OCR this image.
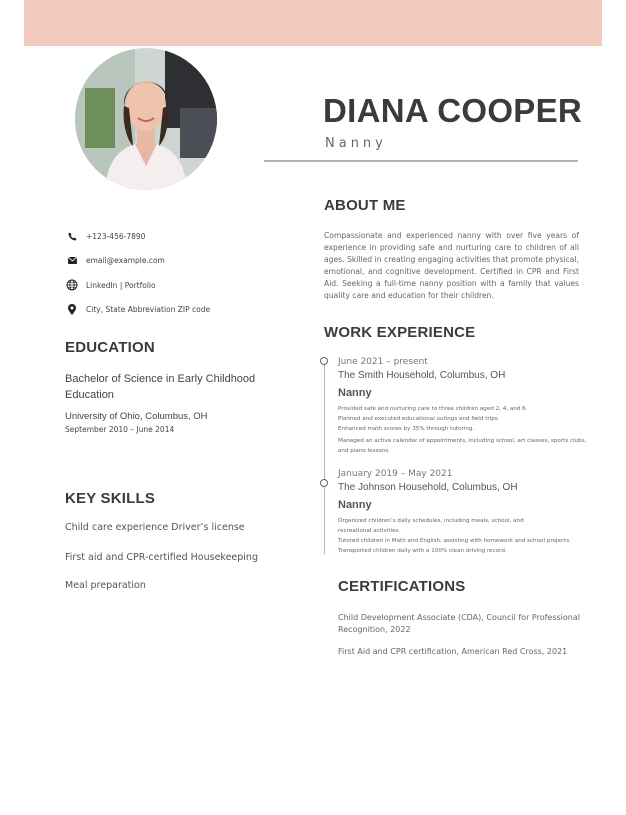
DIANA COOPER
Nanny
+123-456-7890
email@example.com
LinkedIn | Portfolio
City, State Abbreviation ZIP code
EDUCATION
Bachelor of Science in Early Childhood Education
University of Ohio, Columbus, OH
September 2010 – June 2014
KEY SKILLS
Child care experience Driver’s license
First aid and CPR-certified Housekeeping
Meal preparation
ABOUT ME
Compassionate and experienced nanny with over five years of experience in providing safe and nurturing care to children of all ages. Skilled in creating engaging activities that promote physical, emotional, and cognitive development. Certified in CPR and First Aid. Seeking a full-time nanny position with a family that values quality care and education for their children.
WORK EXPERIENCE
June 2021 – present
The Smith Household, Columbus, OH
Nanny
Provided safe and nurturing care to three children aged 2, 4, and 6.
Planned and executed educational outings and field trips.
Enhanced math scores by 35% through tutoring.
Managed an active calendar of appointments, including school, art classes, sports clubs, and piano lessons.
January 2019 – May 2021
The Johnson Household, Columbus, OH
Nanny
Organized children’s daily schedules, including meals, school, and recreational activities.
Tutored children in Math and English, assisting with homework and school projects.
Transported children daily with a 100% clean driving record.
CERTIFICATIONS
Child Development Associate (CDA), Council for Professional Recognition, 2022
First Aid and CPR certification, American Red Cross, 2021
